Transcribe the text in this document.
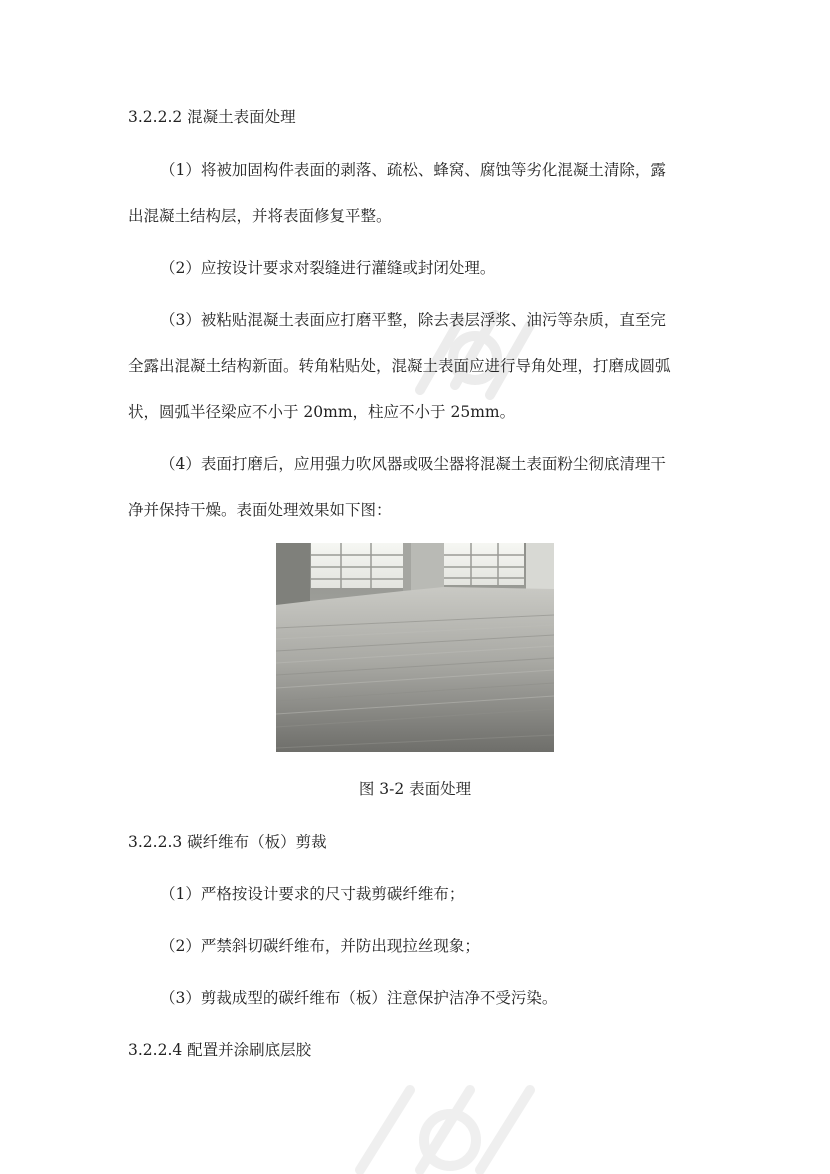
3.2.2.2 混凝土表面处理
（1）将被加固构件表面的剥落、疏松、蜂窝、腐蚀等劣化混凝土清除，露
出混凝土结构层，并将表面修复平整。
（2）应按设计要求对裂缝进行灌缝或封闭处理。
（3）被粘贴混凝土表面应打磨平整，除去表层浮浆、油污等杂质，直至完
全露出混凝土结构新面。转角粘贴处，混凝土表面应进行导角处理，打磨成圆弧
状，圆弧半径梁应不小于 20mm，柱应不小于 25mm。
（4）表面打磨后，应用强力吹风器或吸尘器将混凝土表面粉尘彻底清理干
净并保持干燥。表面处理效果如下图：
图 3-2 表面处理
3.2.2.3 碳纤维布（板）剪裁
（1）严格按设计要求的尺寸裁剪碳纤维布；
（2）严禁斜切碳纤维布，并防出现拉丝现象；
（3）剪裁成型的碳纤维布（板）注意保护洁净不受污染。
3.2.2.4 配置并涂刷底层胶
